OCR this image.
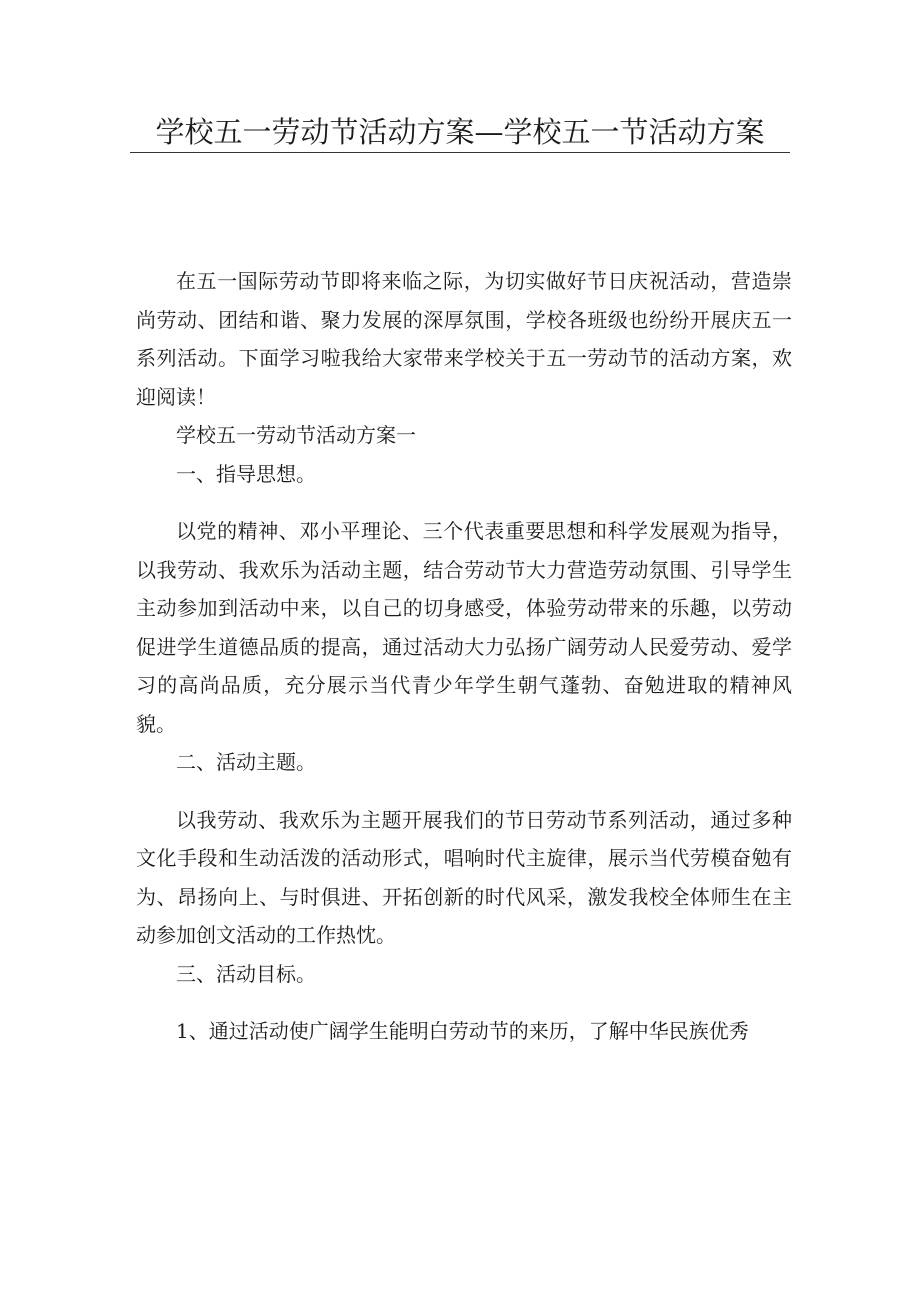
学校五一劳动节活动方案—学校五一节活动方案

在五一国际劳动节即将来临之际，为切实做好节日庆祝活动，营造崇尚劳动、团结和谐、聚力发展的深厚氛围，学校各班级也纷纷开展庆五一系列活动。下面学习啦我给大家带来学校关于五一劳动节的活动方案，欢迎阅读！

学校五一劳动节活动方案一

一、指导思想。

以党的精神、邓小平理论、三个代表重要思想和科学发展观为指导，以我劳动、我欢乐为活动主题，结合劳动节大力营造劳动氛围、引导学生主动参加到活动中来，以自己的切身感受，体验劳动带来的乐趣，以劳动促进学生道德品质的提高，通过活动大力弘扬广阔劳动人民爱劳动、爱学习的高尚品质，充分展示当代青少年学生朝气蓬勃、奋勉进取的精神风貌。

二、活动主题。

以我劳动、我欢乐为主题开展我们的节日劳动节系列活动，通过多种文化手段和生动活泼的活动形式，唱响时代主旋律，展示当代劳模奋勉有为、昂扬向上、与时俱进、开拓创新的时代风采，激发我校全体师生在主动参加创文活动的工作热忱。

三、活动目标。

1、通过活动使广阔学生能明白劳动节的来历，了解中华民族优秀
